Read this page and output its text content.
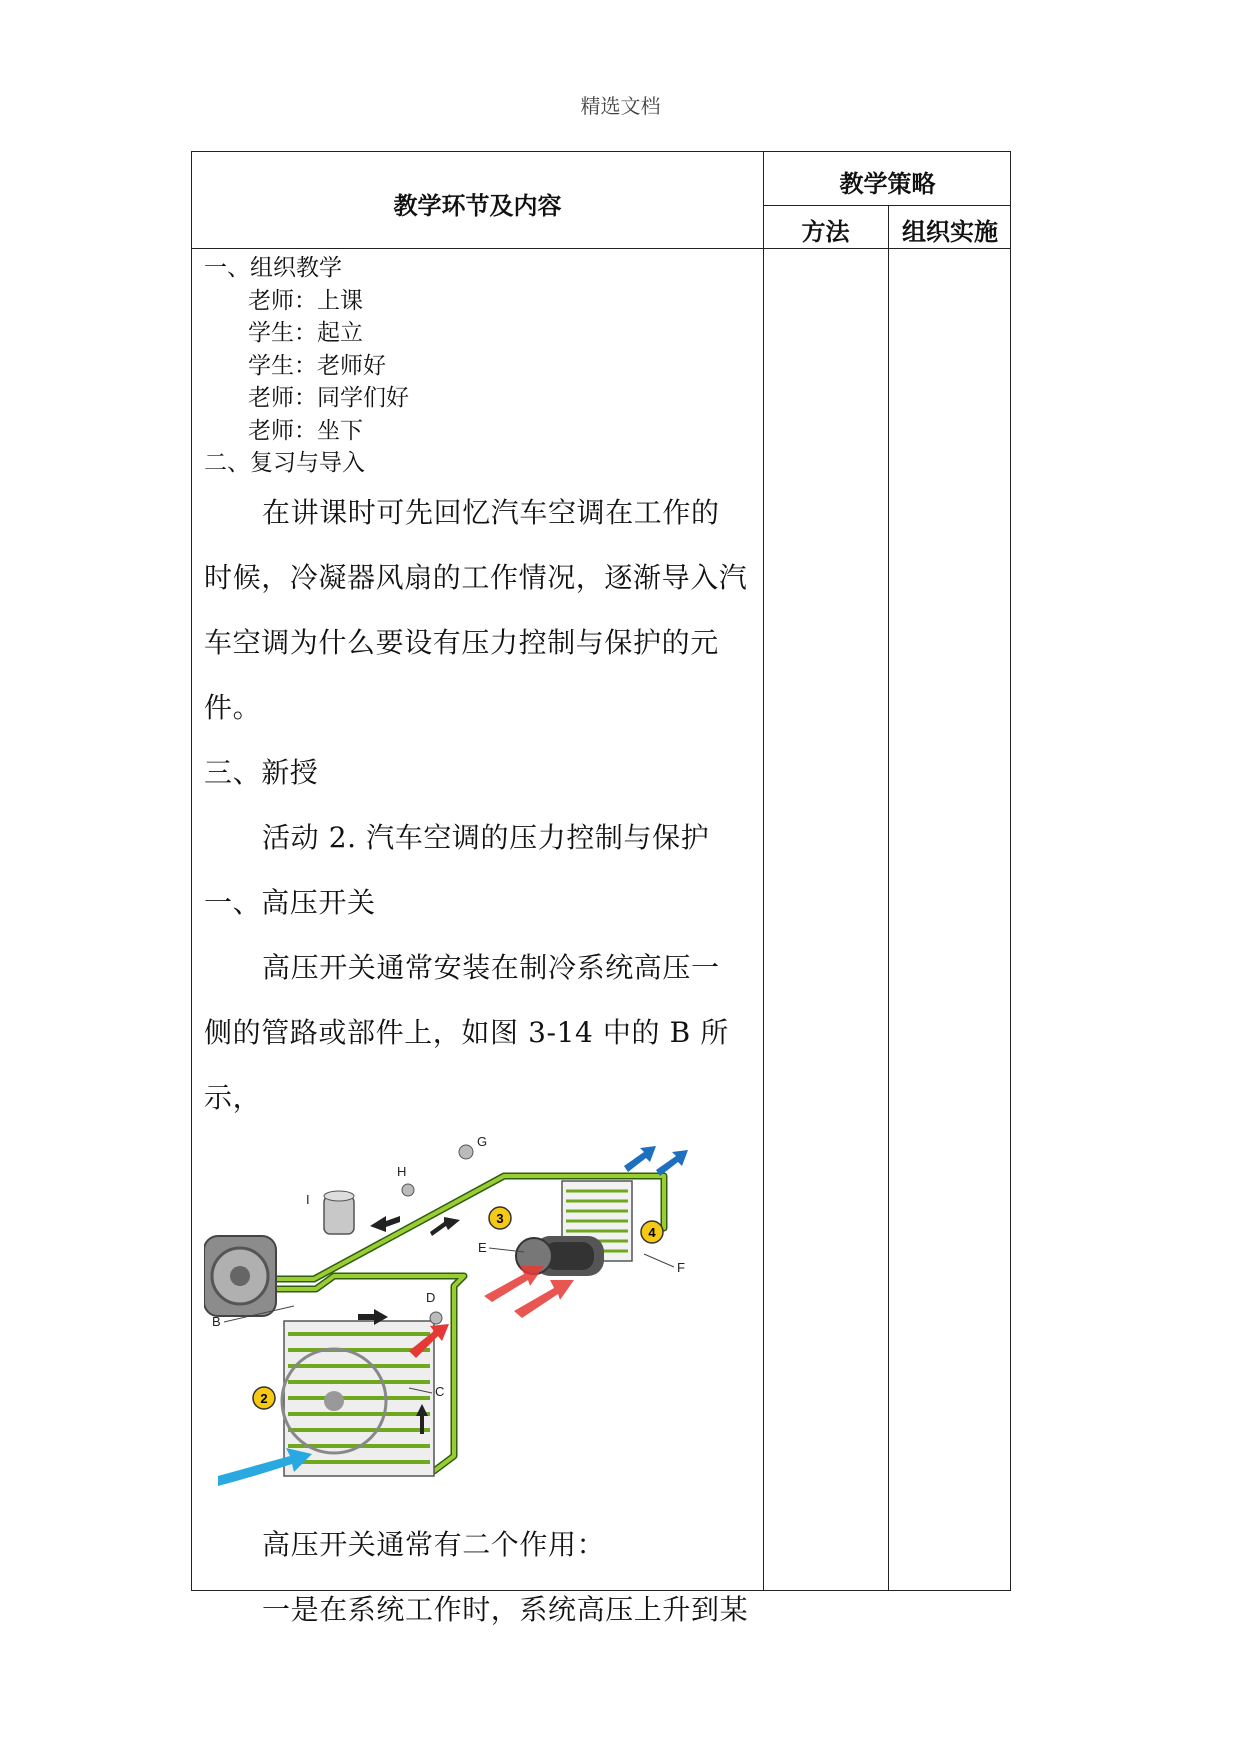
精选文档
教学环节及内容
教学策略
方法	组织实施
一、组织教学
老师：上课
学生：起立
学生：老师好
老师：同学们好
老师：坐下
二、复习与导入
在讲课时可先回忆汽车空调在工作的
时候，冷凝器风扇的工作情况，逐渐导入汽
车空调为什么要设有压力控制与保护的元
件。
三、新授
活动 2. 汽车空调的压力控制与保护
一、高压开关
高压开关通常安装在制冷系统高压一
侧的管路或部件上，如图 3-14 中的 B 所示，
2
3
4
G
H
I
E
F
D
B
C
高压开关通常有二个作用：
一是在系统工作时，系统高压上升到某
